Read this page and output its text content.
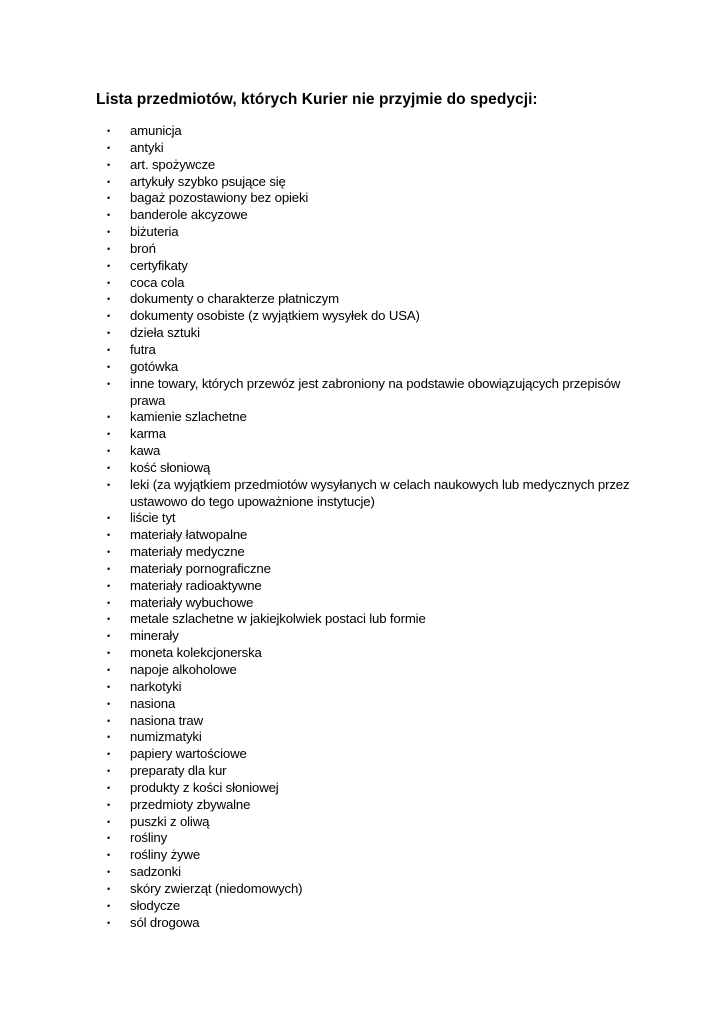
Lista przedmiotów, których Kurier nie przyjmie do spedycji:
• amunicja
• antyki
• art. spożywcze
• artykuły szybko psujące się
• bagaż pozostawiony bez opieki
• banderole akcyzowe
• biżuteria
• broń
• certyfikaty
• coca cola
• dokumenty o charakterze płatniczym
• dokumenty osobiste (z wyjątkiem wysyłek do USA)
• dzieła sztuki
• futra
• gotówka
• inne towary, których przewóz jest zabroniony na podstawie obowiązujących przepisów prawa
• kamienie szlachetne
• karma
• kawa
• kość słoniową
• leki (za wyjątkiem przedmiotów wysyłanych w celach naukowych lub medycznych przez ustawowo do tego upoważnione instytucje)
• liście tyt
• materiały łatwopalne
• materiały medyczne
• materiały pornograficzne
• materiały radioaktywne
• materiały wybuchowe
• metale szlachetne w jakiejkolwiek postaci lub formie
• minerały
• moneta kolekcjonerska
• napoje alkoholowe
• narkotyki
• nasiona
• nasiona traw
• numizmatyki
• papiery wartościowe
• preparaty dla kur
• produkty z kości słoniowej
• przedmioty zbywalne
• puszki z oliwą
• rośliny
• rośliny żywe
• sadzonki
• skóry zwierząt (niedomowych)
• słodycze
• sól drogowa
